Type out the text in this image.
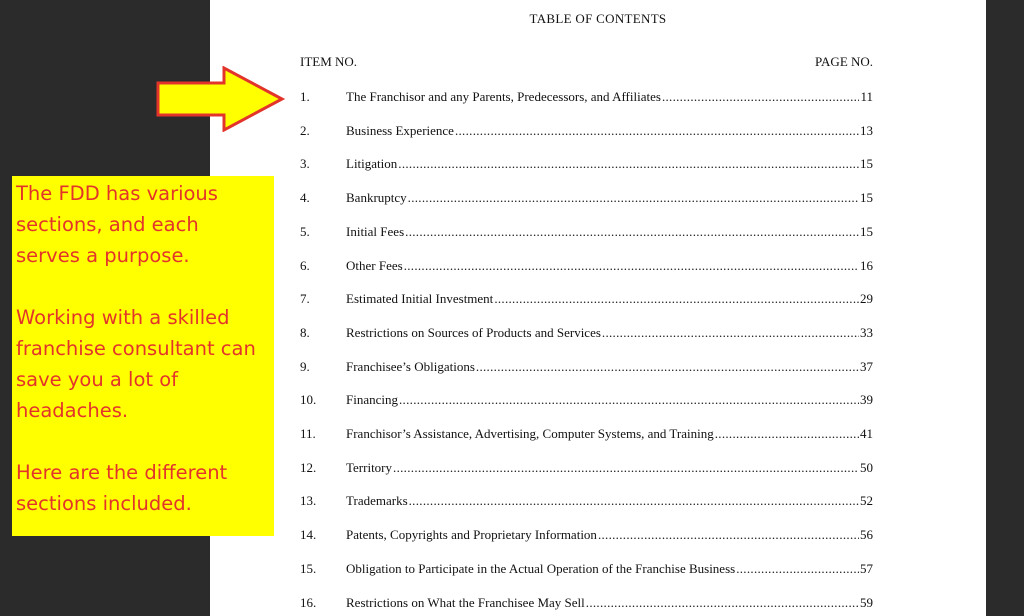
TABLE OF CONTENTS
ITEM NO.	PAGE NO.
1.	The Franchisor and any Parents, Predecessors, and Affiliates .....	11
2.	Business Experience .....	13
3.	Litigation .....	15
4.	Bankruptcy .....	15
5.	Initial Fees .....	15
6.	Other Fees .....	16
7.	Estimated Initial Investment .....	29
8.	Restrictions on Sources of Products and Services .....	33
9.	Franchisee’s Obligations .....	37
10. Financing .....	39
11. Franchisor’s Assistance, Advertising, Computer Systems, and Training .....	41
12. Territory .....	50
13. Trademarks .....	52
14. Patents, Copyrights and Proprietary Information .....	56
15. Obligation to Participate in the Actual Operation of the Franchise Business .....	57
16. Restrictions on What the Franchisee May Sell .....	59

The FDD has various

sections, and each

serves a purpose.

Working with a skilled

franchise consultant can

save you a lot of

headaches.

Here are the different

sections included.
